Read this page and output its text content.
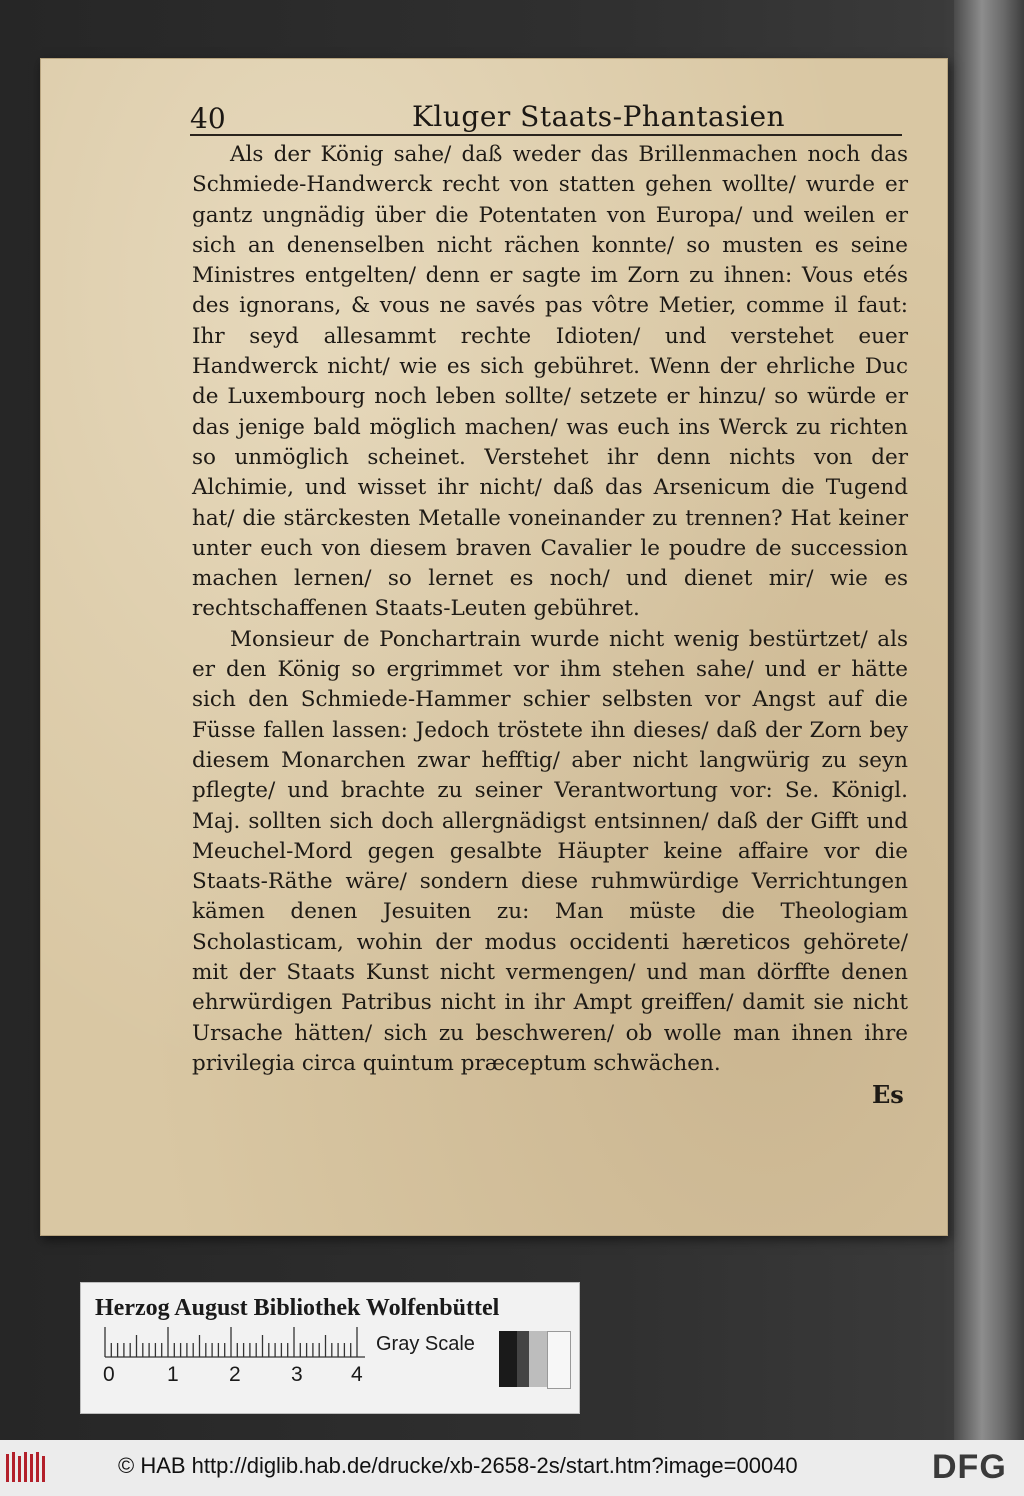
40	Kluger Staats-Phantasien

Als der König sahe/ daß weder das Brillenmachen noch das Schmiede-Handwerck recht von statten gehen wollte/ wurde er gantz ungnädig über die Potentaten von Europa/ und weilen er sich an denenselben nicht rächen konnte/ so musten es seine Ministres entgelten/ denn er sagte im Zorn zu ihnen: Vous etés des ignorans, & vous ne savés pas vôtre Metier, comme il faut: Ihr seyd allesammt rechte Idioten/ und verstehet euer Handwerck nicht/ wie es sich gebühret. Wenn der ehrliche Duc de Luxembourg noch leben sollte/ setzete er hinzu/ so würde er das jenige bald möglich machen/ was euch ins Werck zu richten so unmöglich scheinet. Verstehet ihr denn nichts von der Alchimie, und wisset ihr nicht/ daß das Arsenicum die Tugend hat/ die stärckesten Metalle voneinander zu trennen? Hat keiner unter euch von diesem braven Cavalier le poudre de succession machen lernen/ so lernet es noch/ und dienet mir/ wie es rechtschaffenen Staats-Leuten gebühret.

Monsieur de Ponchartrain wurde nicht wenig bestürtzet/ als er den König so ergrimmet vor ihm stehen sahe/ und er hätte sich den Schmiede-Hammer schier selbsten vor Angst auf die Füsse fallen lassen: Jedoch tröstete ihn dieses/ daß der Zorn bey diesem Monarchen zwar hefftig/ aber nicht langwürig zu seyn pflegte/ und brachte zu seiner Verantwortung vor: Se. Königl. Maj. sollten sich doch allergnädigst entsinnen/ daß der Gifft und Meuchel-Mord gegen gesalbte Häupter keine affaire vor die Staats-Räthe wäre/ sondern diese ruhmwürdige Verrichtungen kämen denen Jesuiten zu: Man müste die Theologiam Scholasticam, wohin der modus occidenti hæreticos gehörete/ mit der Staats Kunst nicht vermengen/ und man dörffte denen ehrwürdigen Patribus nicht in ihr Ampt greiffen/ damit sie nicht Ursache hätten/ sich zu beschweren/ ob wolle man ihnen ihre privilegia circa quintum præceptum schwächen.

Es
Herzog August Bibliothek Wolfenbüttel
0 1 2 3 4
Gray Scale
© HAB http://diglib.hab.de/drucke/xb-2658-2s/start.htm?image=00040	DFG
